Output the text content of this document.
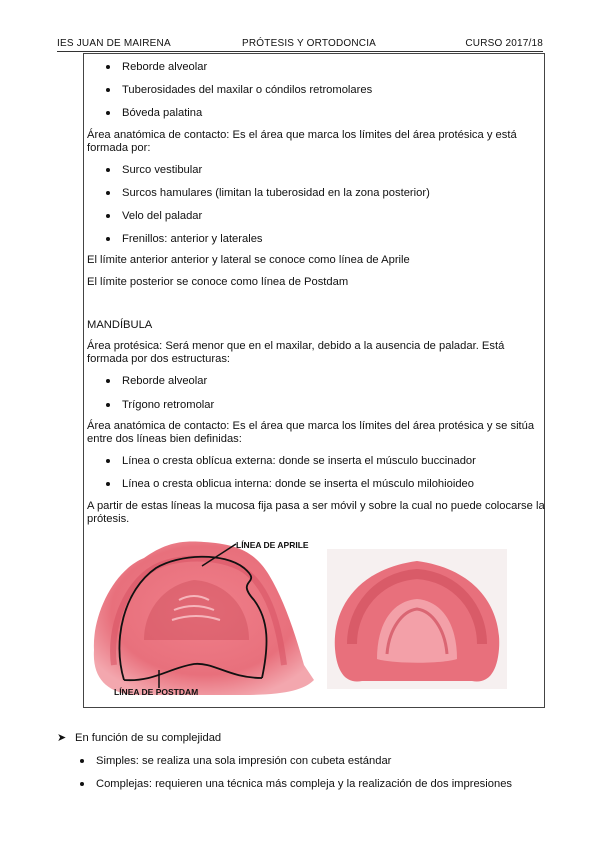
IES JUAN DE MAIRENA	PRÓTESIS Y ORTODONCIA	CURSO 2017/18
Reborde alveolar
Tuberosidades del maxilar o cóndilos retromolares
Bóveda palatina
Área anatómica de contacto: Es el área que marca los límites del área protésica y está
formada por:
Surco vestibular
Surcos hamulares (limitan la tuberosidad en la zona posterior)
Velo del paladar
Frenillos: anterior y laterales
El límite anterior anterior y lateral se conoce como línea de Aprile
El límite posterior se conoce como línea de Postdam
MANDÍBULA
Área protésica: Será menor que en el maxilar, debido a la ausencia de paladar. Está
formada por dos estructuras:
Reborde alveolar
Trígono retromolar
Área anatómica de contacto: Es el área que marca los límites del área protésica y se sitúa
entre dos líneas bien definidas:
Línea o cresta oblícua externa: donde se inserta el músculo buccinador
Línea o cresta oblicua interna: donde se inserta el músculo milohioideo
A partir de estas líneas la mucosa fija pasa a ser móvil y sobre la cual no puede colocarse la
prótesis.
LÍNEA DE APRILE
LÍNEA DE POSTDAM
➤ En función de su complejidad
Simples: se realiza una sola impresión con cubeta estándar
Complejas: requieren una técnica más compleja y la realización de dos impresiones
